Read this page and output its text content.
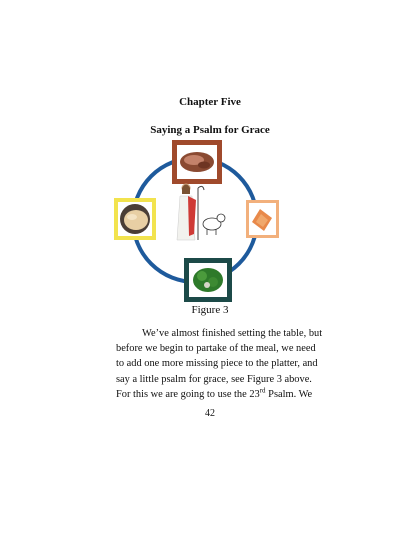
Chapter Five
Saying a Psalm for Grace
Figure 3
We’ve almost finished setting the table, but
before we begin to partake of the meal, we need
to add one more missing piece to the platter, and
say a little psalm for grace, see Figure 3 above.
For this we are going to use the 23rd Psalm. We
42
